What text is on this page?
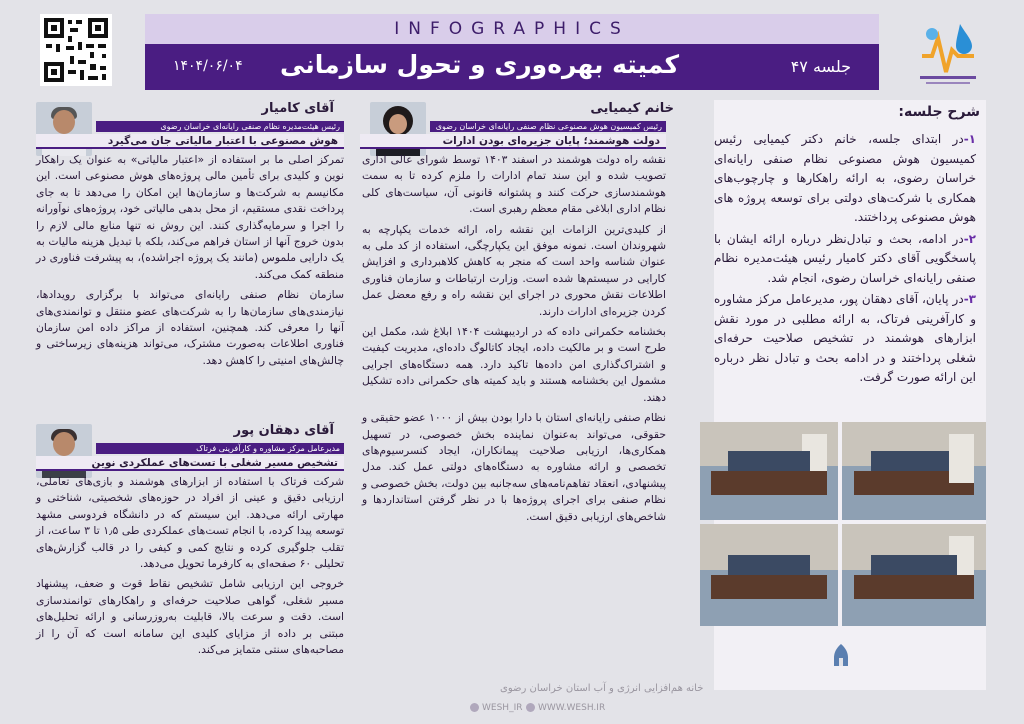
INFOGRAPHICS
کمیته بهره‌وری و تحول سازمانی	جلسه ۴۷
۱۴۰۴/۰۶/۰۴
شرح جلسه:

۱-در ابتدای جلسه، خانم دکتر کیمیایی رئیس کمیسیون هوش مصنوعی نظام صنفی رایانه‌ای خراسان رضوی، به ارائه راهکارها و چارچوب‌های همکاری با شرکت‌های دولتی برای توسعه پروژه های هوش مصنوعی پرداختند.

۲-در ادامه، بحث و تبادل‌نظر درباره ارائه ایشان با پاسخگویی آقای دکتر کامیار رئیس هیئت‌مدیره نظام صنفی رایانه‌ای خراسان رضوی، انجام شد.

۳-در پایان، آقای دهقان پور، مدیرعامل مرکز مشاوره و کارآفرینی فرتاک، به ارائه مطلبی در مورد نقش ابزارهای هوشمند در تشخیص صلاحیت حرفه‌ای شغلی پرداختند و در ادامه بحث و تبادل نظر درباره این ارائه صورت گرفت.

خانم کیمیایی
رئیس کمیسیون هوش مصنوعی نظام صنفی رایانه‌ای خراسان رضوی
دولت هوشمند؛ پایان جزیره‌ای بودن ادارات

نقشه راه دولت هوشمند در اسفند ۱۴۰۳ توسط شورای عالی اداری تصویب شده و این سند تمام ادارات را ملزم کرده تا به سمت هوشمندسازی حرکت کنند و پشتوانه قانونی آن، سیاست‌های کلی نظام اداری ابلاغی مقام معظم رهبری است.

از کلیدی‌ترین الزامات این نقشه راه، ارائه خدمات یکپارچه به شهروندان است. نمونه موفق این یکپارچگی، استفاده از کد ملی به عنوان شناسه واحد است که منجر به کاهش کلاهبرداری و افزایش کارایی در سیستم‌ها شده است. وزارت ارتباطات و سازمان فناوری اطلاعات نقش محوری در اجرای این نقشه راه و رفع معضل عمل کردن جزیره‌ای ادارات دارند.

بخشنامه حکمرانی داده که در اردیبهشت ۱۴۰۴ ابلاغ شد، مکمل این طرح است و بر مالکیت داده، ایجاد کاتالوگ داده‌ای، مدیریت کیفیت و اشتراک‌گذاری امن داده‌ها تاکید دارد. همه دستگاه‌های اجرایی مشمول این بخشنامه هستند و باید کمیته های حکمرانی داده تشکیل دهند.

نظام صنفی رایانه‌ای استان با دارا بودن بیش از ۱۰۰۰ عضو حقیقی و حقوقی، می‌تواند به‌عنوان نماینده بخش خصوصی، در تسهیل همکاری‌ها، ارزیابی صلاحیت پیمانکاران، ایجاد کنسرسیوم‌های تخصصی و ارائه مشاوره به دستگاه‌های دولتی عمل کند. مدل پیشنهادی، انعقاد تفاهم‌نامه‌های سه‌جانبه بین دولت، بخش خصوصی و نظام صنفی برای اجرای پروژه‌ها با در نظر گرفتن استانداردها و شاخص‌های ارزیابی دقیق است.

آقای کامیار
رئیس هیئت‌مدیره نظام صنفی رایانه‌ای خراسان رضوی
هوش مصنوعی با اعتبار مالیاتی جان می‌گیرد

تمرکز اصلی ما بر استفاده از «اعتبار مالیاتی» به عنوان یک راهکار نوین و کلیدی برای تأمین مالی پروژه‌های هوش مصنوعی است. این مکانیسم به شرکت‌ها و سازمان‌ها این امکان را می‌دهد تا به جای پرداخت نقدی مستقیم، از محل بدهی مالیاتی خود، پروژه‌های نوآورانه را اجرا و سرمایه‌گذاری کنند. این روش نه تنها منابع مالی لازم را بدون خروج آنها از استان فراهم می‌کند، بلکه با تبدیل هزینه مالیات به یک دارایی ملموس (مانند یک پروژه اجراشده)، به پیشرفت فناوری در منطقه کمک می‌کند.

سازمان نظام صنفی رایانه‌ای می‌تواند با برگزاری رویدادها، نیازمندی‌های سازمان‌ها را به شرکت‌های عضو منتقل و توانمندی‌های آنها را معرفی کند. همچنین، استفاده از مراکز داده امن سازمان فناوری اطلاعات به‌صورت مشترک، می‌تواند هزینه‌های زیرساختی و چالش‌های امنیتی را کاهش دهد.

آقای دهقان پور
مدیرعامل مرکز مشاوره و کارآفرینی فرتاک
تشخیص مسیر شغلی با تست‌های عملکردی نوین

شرکت فرتاک با استفاده از ابزارهای هوشمند و بازی‌های تعاملی، ارزیابی دقیق و عینی از افراد در حوزه‌های شخصیتی، شناختی و مهارتی ارائه می‌دهد. این سیستم که در دانشگاه فردوسی مشهد توسعه پیدا کرده، با انجام تست‌های عملکردی طی ۱٫۵ تا ۳ ساعت، از تقلب جلوگیری کرده و نتایج کمی و کیفی را در قالب گزارش‌های تحلیلی ۶۰ صفحه‌ای به کارفرما تحویل می‌دهد.

خروجی این ارزیابی شامل تشخیص نقاط قوت و ضعف، پیشنهاد مسیر شغلی، گواهی صلاحیت حرفه‌ای و راهکارهای توانمندسازی است. دقت و سرعت بالا، قابلیت به‌روزرسانی و ارائه تحلیل‌های مبتنی بر داده از مزایای کلیدی این سامانه است که آن را از مصاحبه‌های سنتی متمایز می‌کند.

خانه هم‌افزایی انرژی و آب استان خراسان رضوی
WESH_IR	WWW.WESH.IR
